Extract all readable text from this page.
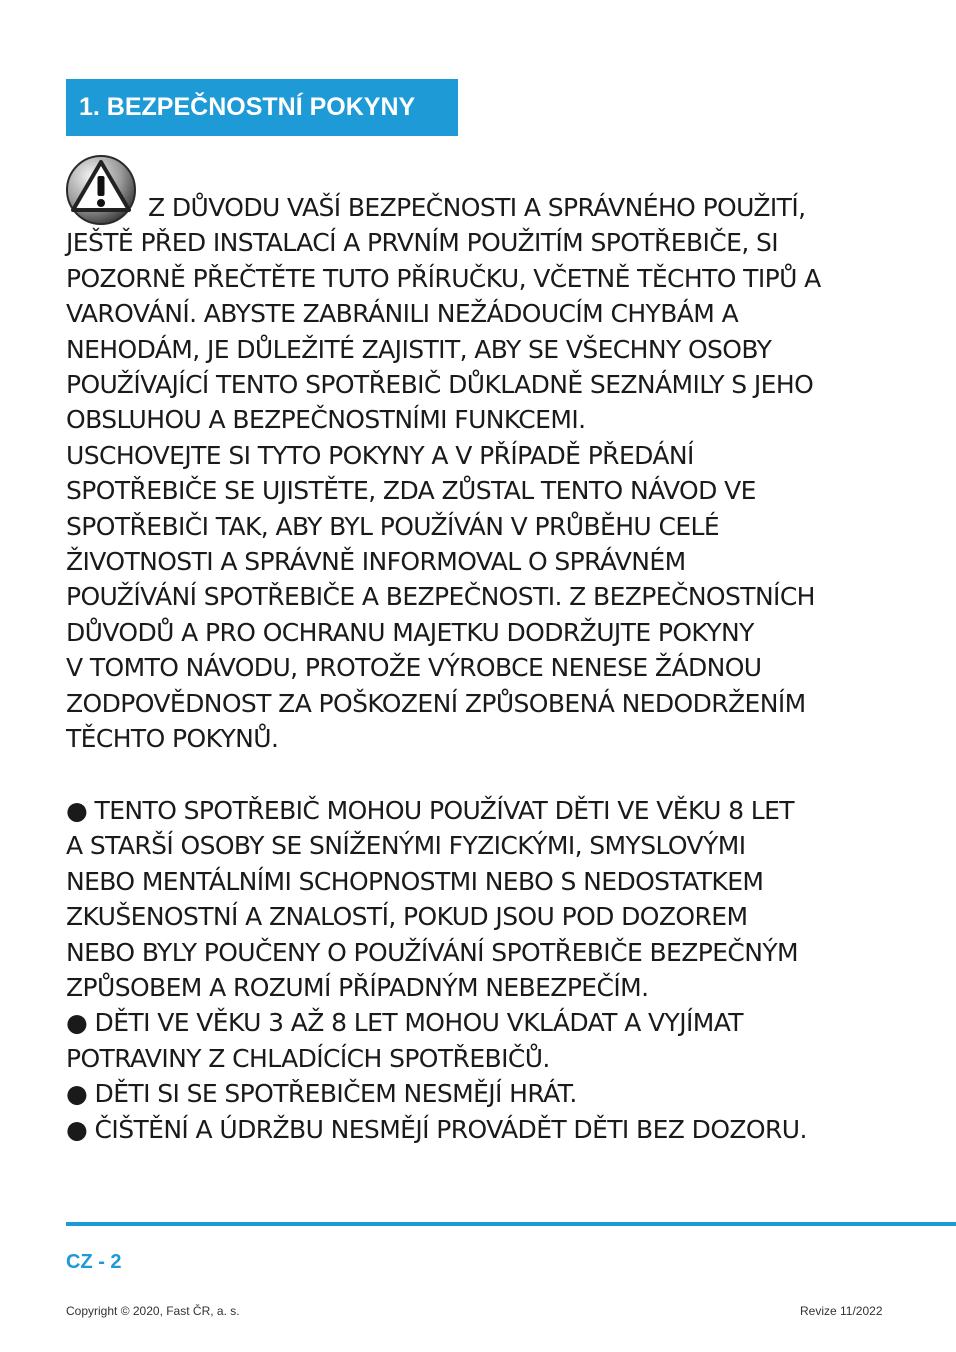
1. BEZPEČNOSTNÍ POKYNY
Z DŮVODU VAŠÍ BEZPEČNOSTI A SPRÁVNÉHO POUŽITÍ,
JEŠTĚ PŘED INSTALACÍ A PRVNÍM POUŽITÍM SPOTŘEBIČE, SI
POZORNĚ PŘEČTĚTE TUTO PŘÍRUČKU, VČETNĚ TĚCHTO TIPŮ A
VAROVÁNÍ. ABYSTE ZABRÁNILI NEŽÁDOUCÍM CHYBÁM A
NEHODÁM, JE DŮLEŽITÉ ZAJISTIT, ABY SE VŠECHNY OSOBY
POUŽÍVAJÍCÍ TENTO SPOTŘEBIČ DŮKLADNĚ SEZNÁMILY S JEHO
OBSLUHOU A BEZPEČNOSTNÍMI FUNKCEMI.
USCHOVEJTE SI TYTO POKYNY A V PŘÍPADĚ PŘEDÁNÍ
SPOTŘEBIČE SE UJISTĚTE, ZDA ZŮSTAL TENTO NÁVOD VE
SPOTŘEBIČI TAK, ABY BYL POUŽÍVÁN V PRŮBĚHU CELÉ
ŽIVOTNOSTI A SPRÁVNĚ INFORMOVAL O SPRÁVNÉM
POUŽÍVÁNÍ SPOTŘEBIČE A BEZPEČNOSTI. Z BEZPEČNOSTNÍCH
DŮVODŮ A PRO OCHRANU MAJETKU DODRŽUJTE POKYNY
V TOMTO NÁVODU, PROTOŽE VÝROBCE NENESE ŽÁDNOU
ZODPOVĚDNOST ZA POŠKOZENÍ ZPŮSOBENÁ NEDODRŽENÍM
TĚCHTO POKYNŮ.
● TENTO SPOTŘEBIČ MOHOU POUŽÍVAT DĚTI VE VĚKU 8 LET
A STARŠÍ OSOBY SE SNÍŽENÝMI FYZICKÝMI, SMYSLOVÝMI
NEBO MENTÁLNÍMI SCHOPNOSTMI NEBO S NEDOSTATKEM
ZKUŠENOSTNÍ A ZNALOSTÍ, POKUD JSOU POD DOZOREM
NEBO BYLY POUČENY O POUŽÍVÁNÍ SPOTŘEBIČE BEZPEČNÝM
ZPŮSOBEM A ROZUMÍ PŘÍPADNÝM NEBEZPEČÍM.
● DĚTI VE VĚKU 3 AŽ 8 LET MOHOU VKLÁDAT A VYJÍMAT
POTRAVINY Z CHLADÍCÍCH SPOTŘEBIČŮ.
● DĚTI SI SE SPOTŘEBIČEM NESMĚJÍ HRÁT.
● ČIŠTĚNÍ A ÚDRŽBU NESMĚJÍ PROVÁDĚT DĚTI BEZ DOZORU.
CZ - 2
Copyright © 2020, Fast ČR, a. s.	Revize 11/2022
